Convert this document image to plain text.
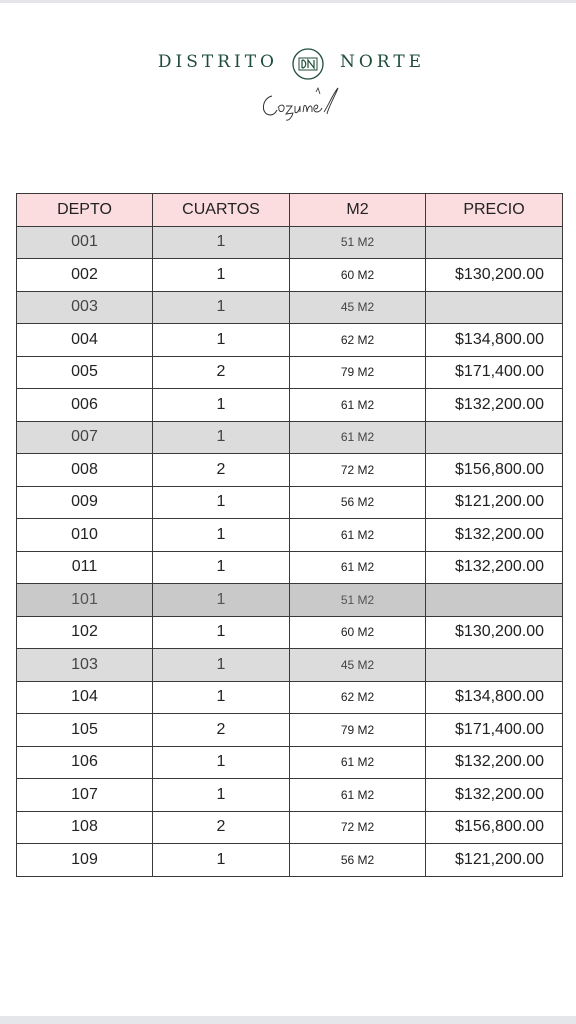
DISTRITO	NORTE
DEPTO	CUARTOS	M2	PRECIO
001	1	51 M2	
002	1	60 M2	$130,200.00
003	1	45 M2	
004	1	62 M2	$134,800.00
005	2	79 M2	$171,400.00
006	1	61 M2	$132,200.00
007	1	61 M2	
008	2	72 M2	$156,800.00
009	1	56 M2	$121,200.00
010	1	61 M2	$132,200.00
011	1	61 M2	$132,200.00
101	1	51 M2	
102	1	60 M2	$130,200.00
103	1	45 M2	
104	1	62 M2	$134,800.00
105	2	79 M2	$171,400.00
106	1	61 M2	$132,200.00
107	1	61 M2	$132,200.00
108	2	72 M2	$156,800.00
109	1	56 M2	$121,200.00
